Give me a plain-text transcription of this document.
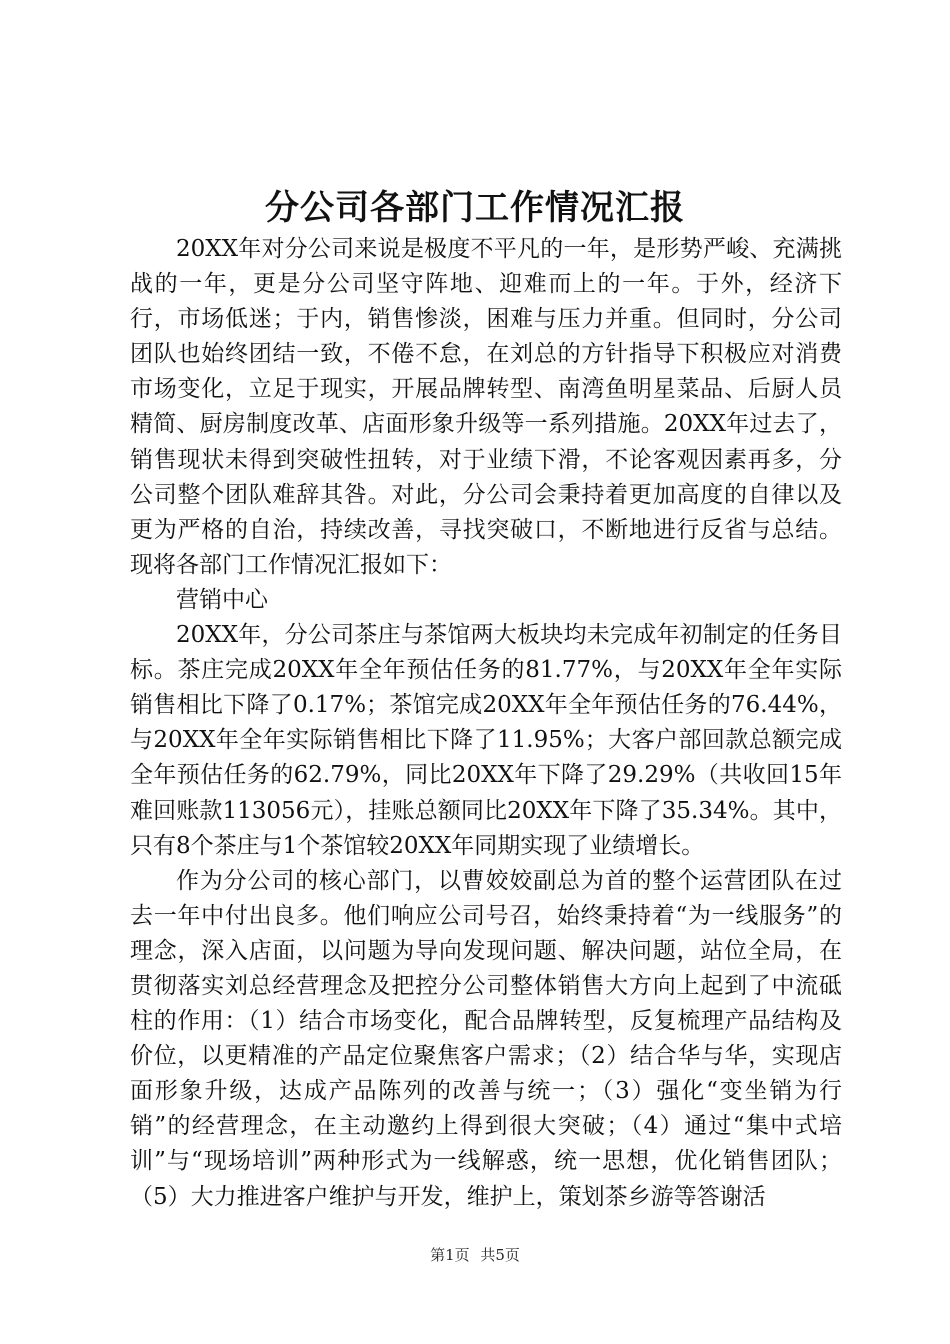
分公司各部门工作情况汇报

20XX年对分公司来说是极度不平凡的一年，是形势严峻、充满挑战的一年，更是分公司坚守阵地、迎难而上的一年。于外，经济下行，市场低迷；于内，销售惨淡，困难与压力并重。但同时，分公司团队也始终团结一致，不倦不怠，在刘总的方针指导下积极应对消费市场变化，立足于现实，开展品牌转型、南湾鱼明星菜品、后厨人员精简、厨房制度改革、店面形象升级等一系列措施。20XX年过去了，销售现状未得到突破性扭转，对于业绩下滑，不论客观因素再多，分公司整个团队难辞其咎。对此，分公司会秉持着更加高度的自律以及更为严格的自治，持续改善，寻找突破口，不断地进行反省与总结。现将各部门工作情况汇报如下：

营销中心

20XX年，分公司茶庄与茶馆两大板块均未完成年初制定的任务目标。茶庄完成20XX年全年预估任务的81.77%，与20XX年全年实际销售相比下降了0.17%；茶馆完成20XX年全年预估任务的76.44%，与20XX年全年实际销售相比下降了11.95%；大客户部回款总额完成全年预估任务的62.79%，同比20XX年下降了29.29%（共收回15年难回账款113056元），挂账总额同比20XX年下降了35.34%。其中，只有8个茶庄与1个茶馆较20XX年同期实现了业绩增长。

作为分公司的核心部门，以曹姣姣副总为首的整个运营团队在过去一年中付出良多。他们响应公司号召，始终秉持着“为一线服务”的理念，深入店面，以问题为导向发现问题、解决问题，站位全局，在贯彻落实刘总经营理念及把控分公司整体销售大方向上起到了中流砥柱的作用：（1）结合市场变化，配合品牌转型，反复梳理产品结构及价位，以更精准的产品定位聚焦客户需求；（2）结合华与华，实现店面形象升级，达成产品陈列的改善与统一；（3）强化“变坐销为行销”的经营理念，在主动邀约上得到很大突破；（4）通过“集中式培训”与“现场培训”两种形式为一线解惑，统一思想，优化销售团队；（5）大力推进客户维护与开发，维护上，策划茶乡游等答谢活

第1页 共5页
